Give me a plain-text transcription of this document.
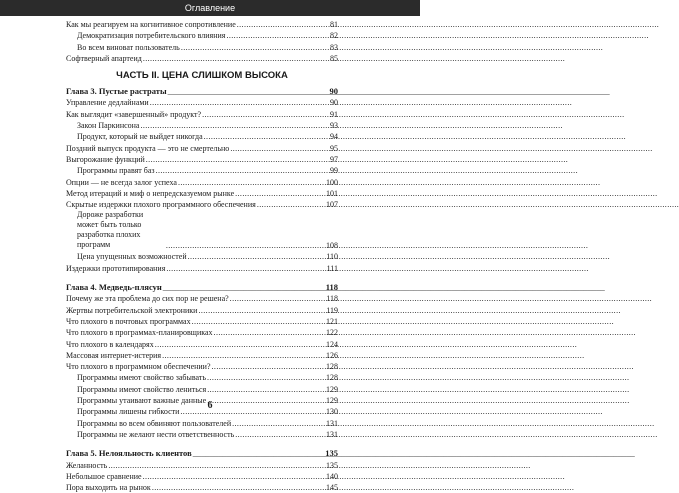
Оглавление
Как мы реагируем на когнитивное сопротивление .....	81
Демократизация потребительского влияния .....	82
Во всем виноват пользователь .....	83
Софтверный апартеид .....	85
ЧАСТЬ II. ЦЕНА СЛИШКОМ ВЫСОКА
Глава 3. Пустые растраты _____	90
Управление дедлайнами .....	90
Как выглядит «завершенный» продукт? .....	91
Закон Паркинсона .....	93
Продукт, который не выйдет никогда .....	94
Поздний выпуск продукта — это не смертельно .....	95
Выгорожание функций .....	97
Программы правят баз .....	99
Опции — не всегда залог успеха .....	100
Метод итераций и миф о непредсказуемом рынке .....	101
Скрытые издержки плохого программного обеспечения .....	107
Дороже разработки может быть только разработка плохих программ .....	108
Цена упущенных возможностей .....	110
Издержки прототипирования .....	111
Глава 4. Медведь-плясун _____	118
Почему же эта проблема до сих пор не решена? .....	118
Жертвы потребительской электроники .....	119
Что плохого в почтовых программах .....	121
Что плохого в программах-планировщиках .....	122
Что плохого в календарях .....	124
Массовая интернет-истерия .....	126
Что плохого в программном обеспечении? .....	128
Программы имеют свойство забывать .....	128
Программы имеют свойство лениться .....	129
Программы утаивают важные данные .....	129
Программы лишены гибкости .....	130
Программы во всем обвиняют пользователей .....	131
Программы не желают нести ответственность .....	131
Глава 5. Нелояльность клиентов _____	135
Желанность .....	135
Небольшое сравнение .....	140
Пора выходить на рынок .....	145
6
